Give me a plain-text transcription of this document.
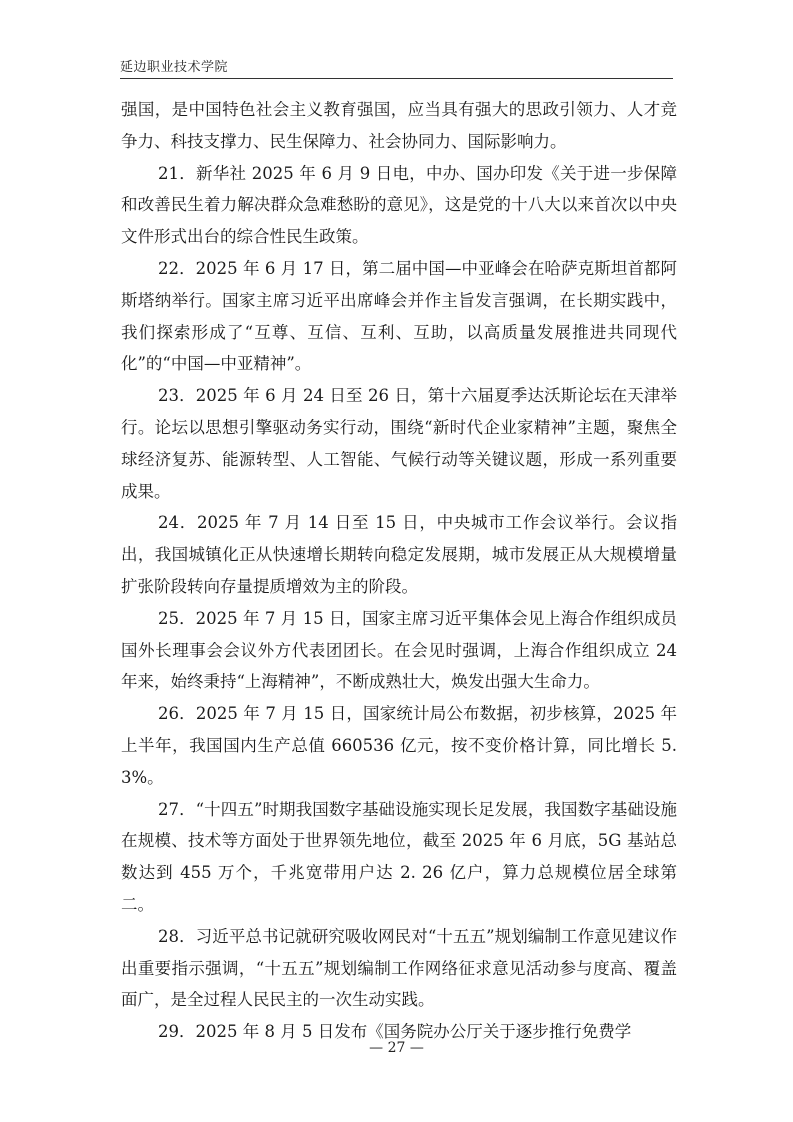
延边职业技术学院

强国，是中国特色社会主义教育强国，应当具有强大的思政引领力、人才竞争力、科技支撑力、民生保障力、社会协同力、国际影响力。

21．新华社 2025 年 6 月 9 日电，中办、国办印发《关于进一步保障和改善民生着力解决群众急难愁盼的意见》，这是党的十八大以来首次以中央文件形式出台的综合性民生政策。

22．2025 年 6 月 17 日，第二届中国—中亚峰会在哈萨克斯坦首都阿斯塔纳举行。国家主席习近平出席峰会并作主旨发言强调，在长期实践中，我们探索形成了“互尊、互信、互利、互助，以高质量发展推进共同现代化”的“中国—中亚精神”。

23．2025 年 6 月 24 日至 26 日，第十六届夏季达沃斯论坛在天津举行。论坛以思想引擎驱动务实行动，围绕“新时代企业家精神”主题，聚焦全球经济复苏、能源转型、人工智能、气候行动等关键议题，形成一系列重要成果。

24．2025 年 7 月 14 日至 15 日，中央城市工作会议举行。会议指出，我国城镇化正从快速增长期转向稳定发展期，城市发展正从大规模增量扩张阶段转向存量提质增效为主的阶段。

25．2025 年 7 月 15 日，国家主席习近平集体会见上海合作组织成员国外长理事会会议外方代表团团长。在会见时强调，上海合作组织成立 24 年来，始终秉持“上海精神”，不断成熟壮大，焕发出强大生命力。

26．2025 年 7 月 15 日，国家统计局公布数据，初步核算，2025 年上半年，我国国内生产总值 660536 亿元，按不变价格计算，同比增长 5. 3%。

27．“十四五”时期我国数字基础设施实现长足发展，我国数字基础设施在规模、技术等方面处于世界领先地位，截至 2025 年 6 月底，5G 基站总数达到 455 万个，千兆宽带用户达 2. 26 亿户，算力总规模位居全球第二。

28．习近平总书记就研究吸收网民对“十五五”规划编制工作意见建议作出重要指示强调，“十五五”规划编制工作网络征求意见活动参与度高、覆盖面广，是全过程人民民主的一次生动实践。

29．2025 年 8 月 5 日发布《国务院办公厅关于逐步推行免费学

— 27 —
